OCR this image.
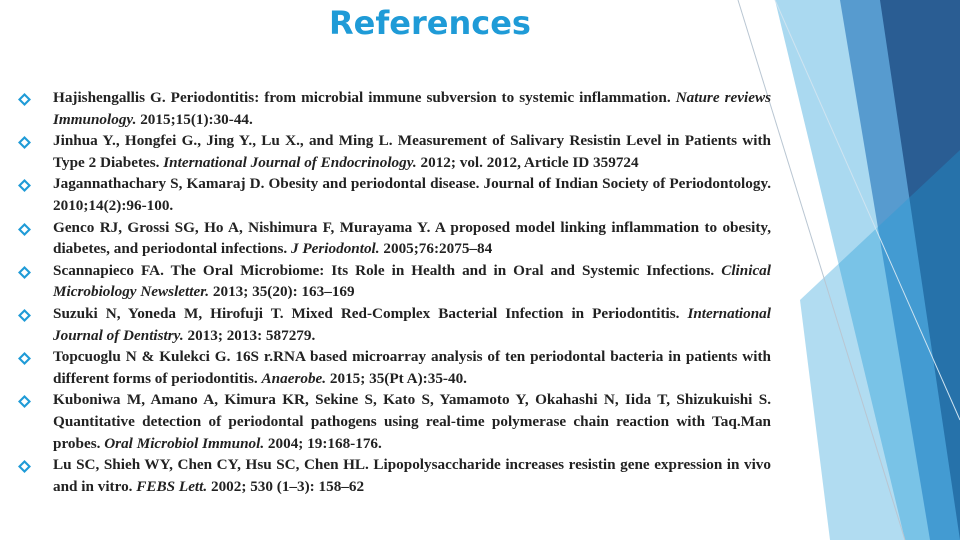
References
Hajishengallis G. Periodontitis: from microbial immune subversion to systemic inflammation. Nature reviews Immunology. 2015;15(1):30-44.
Jinhua Y., Hongfei G., Jing Y., Lu X., and Ming L. Measurement of Salivary Resistin Level in Patients with Type 2 Diabetes. International Journal of Endocrinology. 2012; vol. 2012, Article ID 359724
Jagannathachary S, Kamaraj D. Obesity and periodontal disease. Journal of Indian Society of Periodontology. 2010;14(2):96-100.
Genco RJ, Grossi SG, Ho A, Nishimura F, Murayama Y. A proposed model linking inflammation to obesity, diabetes, and periodontal infections. J Periodontol. 2005;76:2075–84
Scannapieco FA. The Oral Microbiome: Its Role in Health and in Oral and Systemic Infections. Clinical Microbiology Newsletter. 2013; 35(20): 163–169
Suzuki N, Yoneda M, Hirofuji T. Mixed Red-Complex Bacterial Infection in Periodontitis. International Journal of Dentistry. 2013; 2013: 587279.
Topcuoglu N & Kulekci G. 16S r.RNA based microarray analysis of ten periodontal bacteria in patients with different forms of periodontitis. Anaerobe. 2015; 35(Pt A):35-40.
Kuboniwa M, Amano A, Kimura KR, Sekine S, Kato S, Yamamoto Y, Okahashi N, Iida T, Shizukuishi S. Quantitative detection of periodontal pathogens using real-time polymerase chain reaction with Taq.Man probes. Oral Microbiol Immunol. 2004; 19:168-176.
Lu SC, Shieh WY, Chen CY, Hsu SC, Chen HL. Lipopolysaccharide increases resistin gene expression in vivo and in vitro. FEBS Lett. 2002; 530 (1–3): 158–62
